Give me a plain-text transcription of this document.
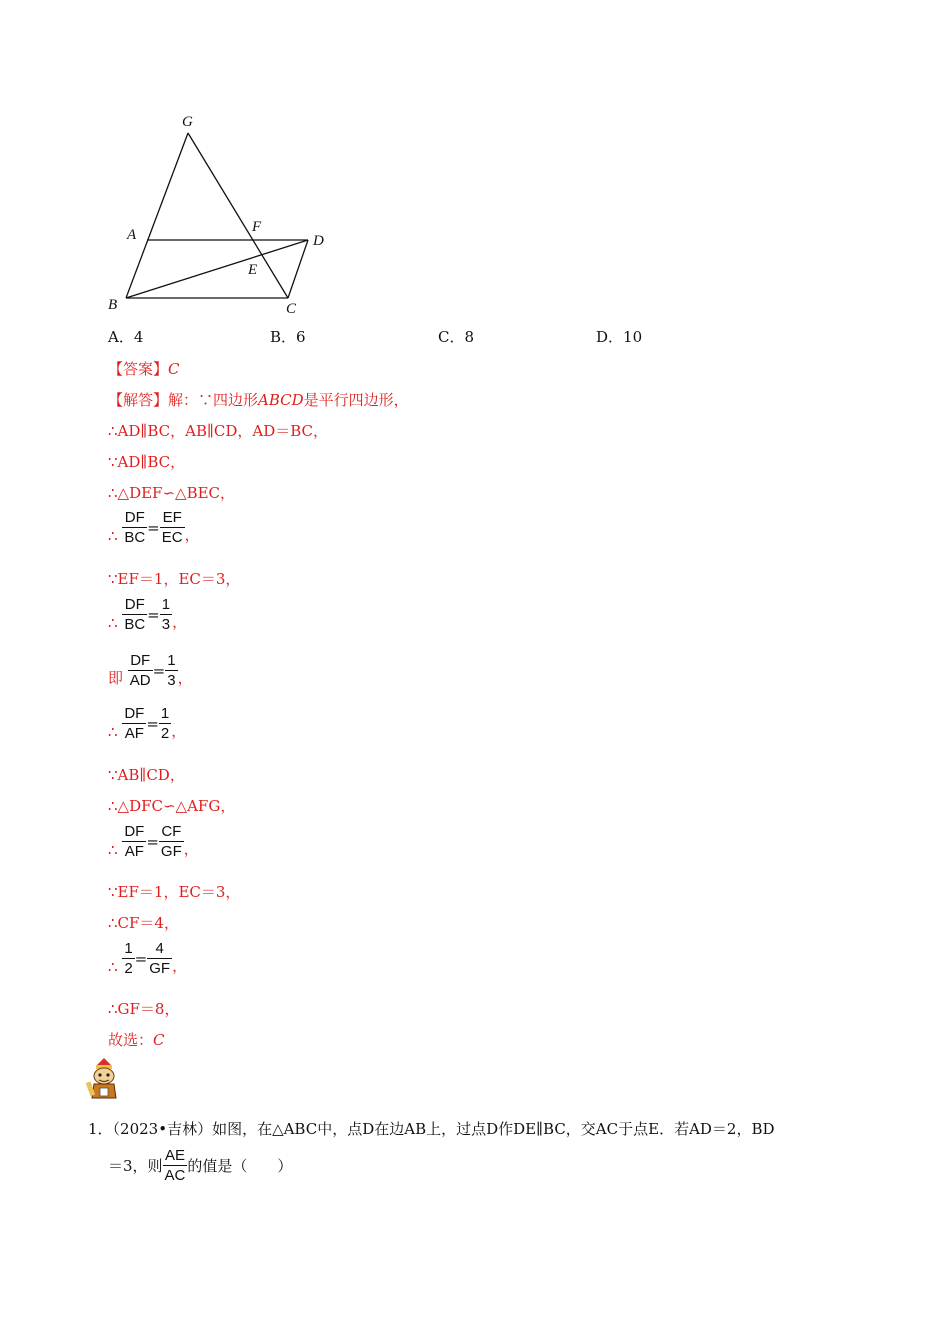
G
A	F
D
E
B	C
A．4	B．6	C．8	D．10
【答案】C
【解答】解：∵四边形ABCD是平行四边形，
∴AD∥BC，AB∥CD，AD＝BC，
∵AD∥BC，
∴△DEF∽△BEC，
∴ $\frac{DF}{BC} = \frac{EF}{EC}$ ，
∵EF＝1，EC＝3，
∴ $\frac{DF}{BC} = \frac{1}{3}$ ，
即 $\frac{DF}{AD} = \frac{1}{3}$ ，
∴ $\frac{DF}{AF} = \frac{1}{2}$ ，
∵AB∥CD，
∴△DFC∽△AFG，
∴ $\frac{DF}{AF} = \frac{CF}{GF}$ ，
∵EF＝1，EC＝3，
∴CF＝4，
∴ $\frac{1}{2} = \frac{4}{GF}$ ，
∴GF＝8，
故选：C
1．（2023•吉林）如图，在△ABC中，点D在边AB上，过点D作DE∥BC，交AC于点E．若AD＝2，BD
＝3，则 $\frac{AE}{AC}$ 的值是（　　）
